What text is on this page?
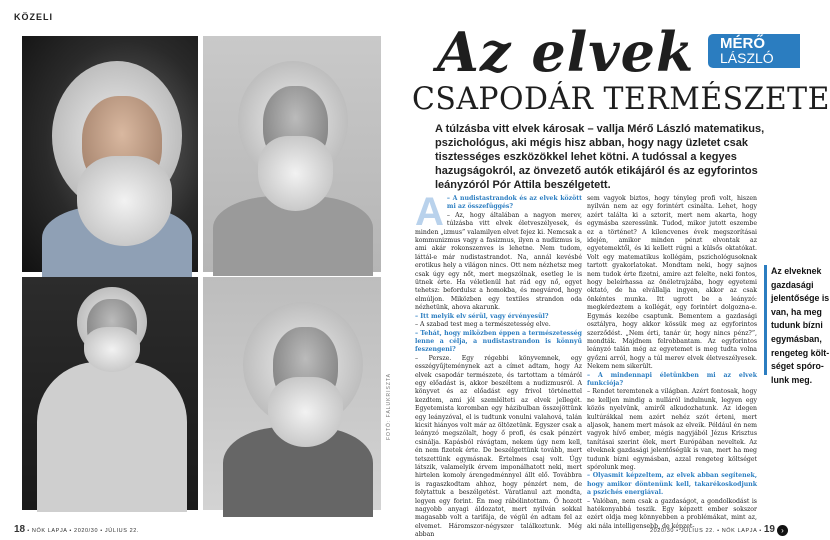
KÖZELI
FOTÓ: FALUKRISZTA
Az elvek
CSAPODÁR TERMÉSZETE
MÉRŐ
LÁSZLÓ
A túlzásba vitt elvek károsak – vallja Mérő László matematikus, pszichológus, aki mégis hisz abban, hogy nagy üzletet csak tisztességes eszközökkel lehet kötni. A tudóssal a kegyes hazugságokról, az önvezető autók etikájáról és az egyforintos leányzóról Pór Attila beszélgetett.
A – A nudistastrandok és az elvek között mi az összefüggés?

– Az, hogy általában a nagyon merev, túlzásba vitt elvek életveszélyesek, és minden „izmus” valamilyen elvet fejez ki. Nemcsak a kommunizmus vagy a fasizmus, ilyen a nudizmus is, ami akár rokonszenves is lehetne. Nem tudom, láttál-e már nudistastrandot. Na, annál kevésbé erotikus hely a világon nincs. Ott nem nézhetsz meg csak úgy egy nőt, mert megszólnak, esetleg le is ütnek érte. Ha véletlenül hat rád egy nő, egyet tehetsz: befordulsz a homokba, és megvárod, hogy elmúljon. Miközben egy textiles strandon oda nézhetünk, ahova akarunk.

– Itt melyik elv sérül, vagy érvényesül?

– A szabad test meg a természetesség elve.

– Tehát, hogy miközben éppen a természetesség lenne a célja, a nudistastrandon is könnyű feszengeni?

– Persze. Egy régebbi könyvemnek, egy esszégyűjteménynek azt a címet adtam, hogy Az elvek csapodár természete, és tartottam a témáról egy előadást is, akkor beszéltem a nudizmusról. A könyvet és az előadást egy frivol történettel kezdtem, ami jól szemlélteti az elvek jellegét. Egyetemista koromban egy házibulban összejöttünk egy leányzóval, el is tudtunk vonulni valahová, talán kicsit hiányos volt már az öltözetünk. Egyszer csak a leányzó megszólalt, hogy ő profi, és csak pénzért csinálja. Kapásból rávágtam, nekem úgy nem kell, én nem fizetek érte. De beszélgettünk tovább, mert tetszettünk egymásnak. Értelmes csaj volt. Úgy látszik, valamelyik érvem imponálhatott neki, mert hirtelen komoly árengedménnyel állt elő. Továbbra is ragaszkodtam ahhoz, hogy pénzért nem, de folytattuk a beszélgetést. Váratlanul azt mondta, legyen egy forint. Én meg rábólintottam. Ő hozott nagyobb anyagi áldozatot, mert nyilván sokkal magasabb volt a tarifája, de végül én adtam fel az elvemet. Háromszor-négyszer találkoztunk. Még abban

sem vagyok biztos, hogy tényleg profi volt, hiszen nyilván nem az egy forintért csinálta. Lehet, hogy azért találta ki a sztorit, mert nem akarta, hogy egymásba szeressünk. Tudod, mikor jutott eszembe ez a történet? A kilencvenes évek megszorításai idején, amikor minden pénzt elvontak az egyetemektől, és ki kellett rúgni a külsős oktatókat. Volt egy matematikus kollégám, pszichológusoknak tartott gyakorlatokat. Mondtam neki, hogy sajnos nem tudok érte fizetni, amire azt felelte, neki fontos, hogy beleírhassa az önéletrajzába, hogy egyetemi oktató, de ha elvállalja ingyen, akkor az csak önkéntes munka. Itt ugrott be a leányzó: megkérdeztem a kollégát, egy forintért dolgozna-e. Egymás kezébe csaptunk. Bementem a gazdasági osztályra, hogy akkor kössük meg az egyforintos szerződést. „Nem érti, tanár úr, hogy nincs pénz?”, mondták. Majdnem felrobbantam. Az egyforintos leányzó talán még az egyetemet is meg tudta volna győzni arról, hogy a túl merev elvek életveszélyesek. Nekem nem sikerült.

– A mindennapi életünkben mi az elvek funkciója?

– Rendet teremtenek a világban. Azért fontosak, hogy ne kelljen mindig a nulláról indulnunk, legyen egy közös nyelvünk, amiről alkudozhatunk. Az idegen kultúrákkal nem azért nehéz szót érteni, mert aljasok, hanem mert mások az elveik. Például én nem vagyok hívő ember, mégis nagyjából Jézus Krisztus tanításai szerint élek, mert Európában neveltek. Az elveknek gazdasági jelentőségük is van, mert ha meg tudunk bízni egymásban, azzal rengeteg költséget spórolunk meg.

– Olyasmit képzeltem, az elvek abban segítenek, hogy amikor döntenünk kell, takarékoskodjunk a pszichés energiával.

– Valóban, nem csak a gazdaságot, a gondolkodást is hatékonyabbá teszik. Egy képzett ember sokszor ezért oldja meg könnyebben a problémákat, mint az, aki nála intelligensebb, de képzet-

Az elveknek
gazdasági
jelentősége is
van, ha meg
tudunk bízni
egymásban,
rengeteg költ-
séget spóro-
lunk meg.
18 • NŐK LAPJA • 2020/30 • JÚLIUS 22.	2020/30 • JÚLIUS 22. • NŐK LAPJA • 19 ›
